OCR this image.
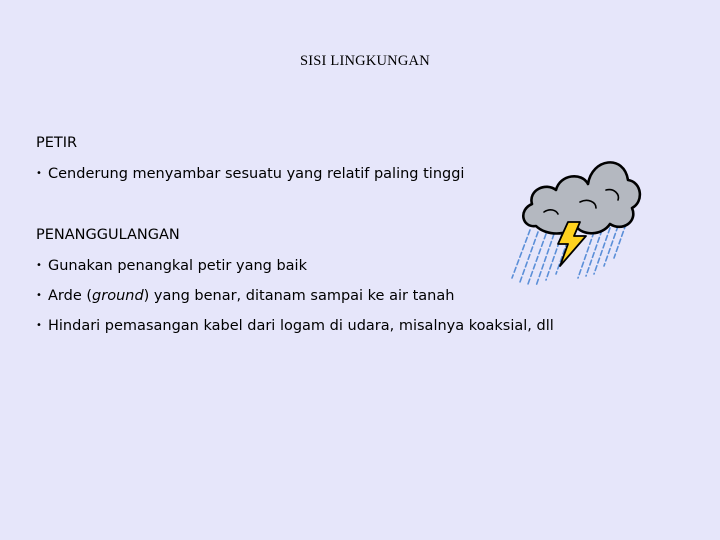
SISI LINGKUNGAN
PETIR
• Cenderung menyambar sesuatu yang relatif paling tinggi
PENANGGULANGAN
• Gunakan penangkal petir yang baik
• Arde (ground) yang benar, ditanam sampai ke air tanah
• Hindari pemasangan kabel dari logam di udara, misalnya koaksial, dll
